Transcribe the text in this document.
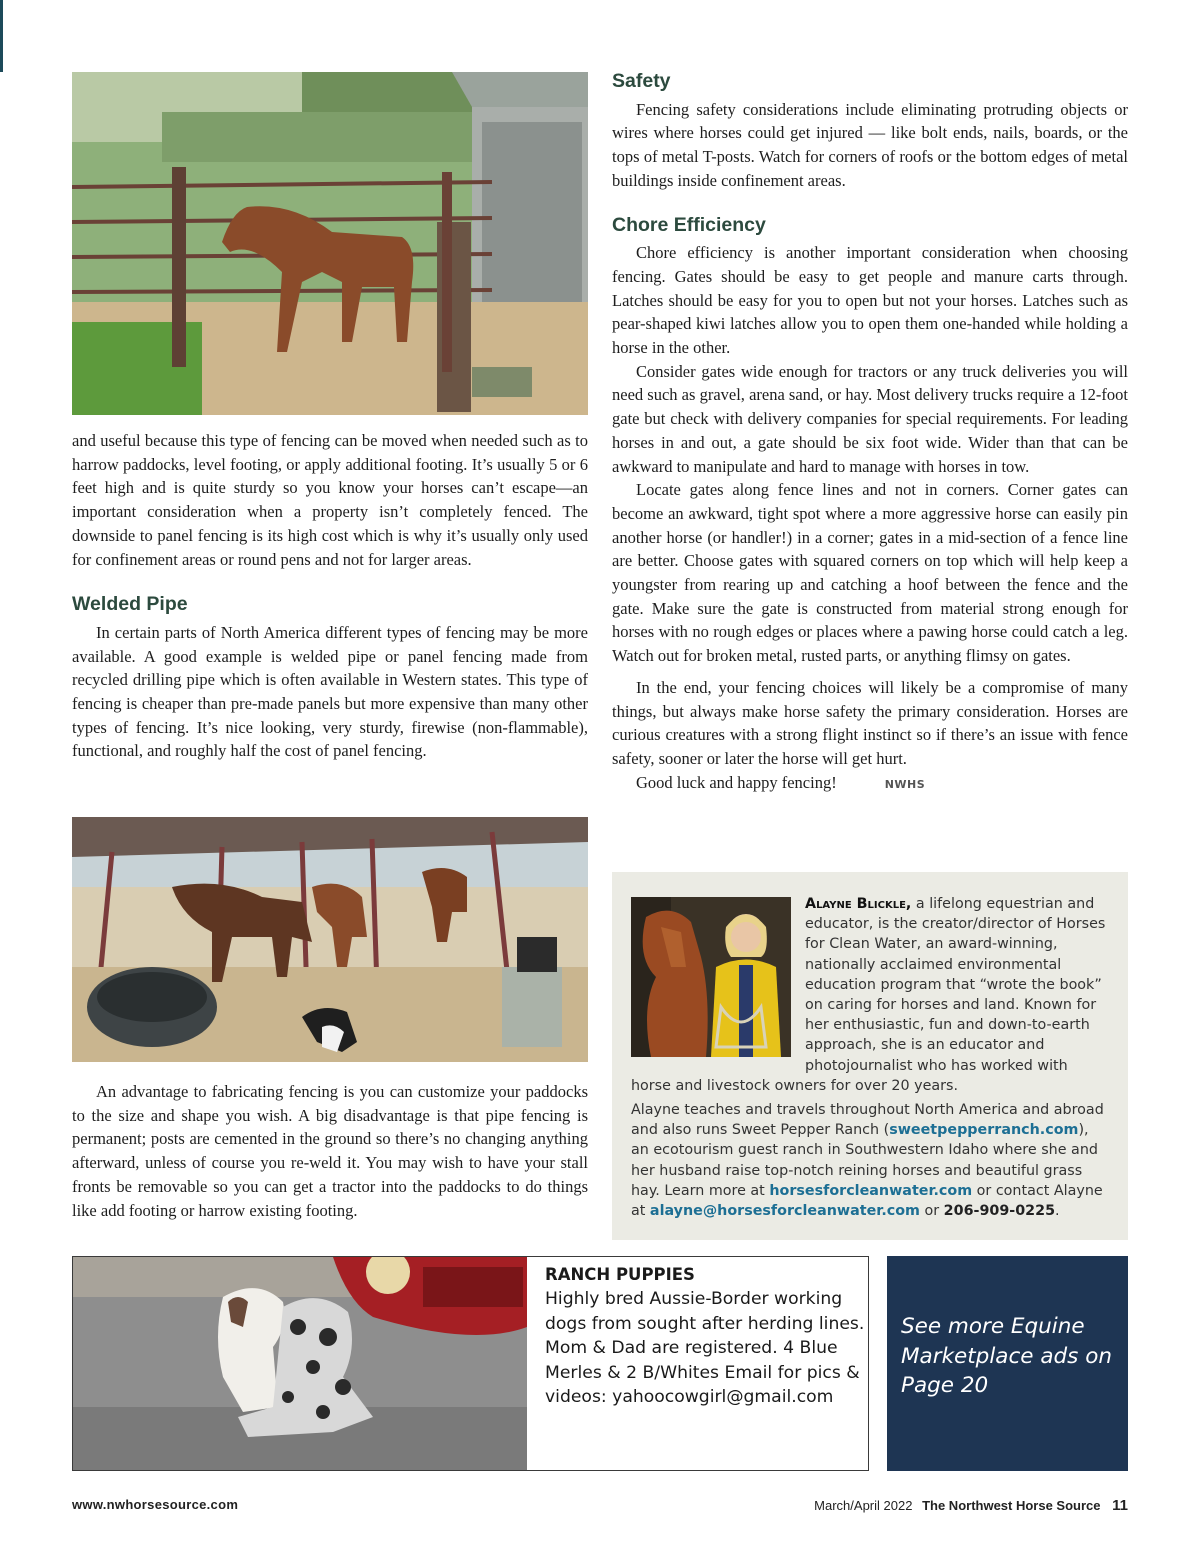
and useful because this type of fencing can be moved when needed such as to harrow paddocks, level footing, or apply additional footing. It’s usually 5 or 6 feet high and is quite sturdy so you know your horses can’t escape—an important consideration when a property isn’t completely fenced. The downside to panel fencing is its high cost which is why it’s usually only used for confinement areas or round pens and not for larger areas.

Welded Pipe

In certain parts of North America different types of fencing may be more available. A good example is welded pipe or panel fencing made from recycled drilling pipe which is often available in Western states. This type of fencing is cheaper than pre-made panels but more expensive than many other types of fencing. It’s nice looking, very sturdy, firewise (non-flammable), functional, and roughly half the cost of panel fencing.

An advantage to fabricating fencing is you can customize your paddocks to the size and shape you wish. A big disadvantage is that pipe fencing is permanent; posts are cemented in the ground so there’s no changing anything afterward, unless of course you re-weld it. You may wish to have your stall fronts be removable so you can get a tractor into the paddocks to do things like add footing or harrow existing footing.

Safety

Fencing safety considerations include eliminating protruding objects or wires where horses could get injured — like bolt ends, nails, boards, or the tops of metal T-posts. Watch for corners of roofs or the bottom edges of metal buildings inside confinement areas.

Chore Efficiency

Chore efficiency is another important consideration when choosing fencing. Gates should be easy to get people and manure carts through. Latches should be easy for you to open but not your horses. Latches such as pear-shaped kiwi latches allow you to open them one-handed while holding a horse in the other.

Consider gates wide enough for tractors or any truck deliveries you will need such as gravel, arena sand, or hay. Most delivery trucks require a 12-foot gate but check with delivery companies for special requirements. For leading horses in and out, a gate should be six foot wide. Wider than that can be awkward to manipulate and hard to manage with horses in tow.

Locate gates along fence lines and not in corners. Corner gates can become an awkward, tight spot where a more aggressive horse can easily pin another horse (or handler!) in a corner; gates in a mid-section of a fence line are better. Choose gates with squared corners on top which will help keep a youngster from rearing up and catching a hoof between the fence and the gate. Make sure the gate is constructed from material strong enough for horses with no rough edges or places where a pawing horse could catch a leg. Watch out for broken metal, rusted parts, or anything flimsy on gates.

In the end, your fencing choices will likely be a compromise of many things, but always make horse safety the primary consideration. Horses are curious creatures with a strong flight instinct so if there’s an issue with fence safety, sooner or later the horse will get hurt.

Good luck and happy fencing!	NWHS

Alayne Blickle, a lifelong equestrian and educator, is the creator/director of Horses for Clean Water, an award-winning, nationally acclaimed environmental education program that “wrote the book” on caring for horses and land. Known for her enthusiastic, fun and down-to-earth approach, she is an educator and photojournalist who has worked with horse and livestock owners for over 20 years.

Alayne teaches and travels throughout North America and abroad and also runs Sweet Pepper Ranch (sweetpepperranch.com), an ecotourism guest ranch in Southwestern Idaho where she and her husband raise top-notch reining horses and beautiful grass hay. Learn more at horsesforcleanwater.com or contact Alayne at alayne@horsesforcleanwater.com or 206-909-0225.

RANCH PUPPIES
Highly bred Aussie-Border working dogs from sought after herding lines. Mom & Dad are registered. 4 Blue Merles & 2 B/Whites Email for pics & videos: yahoocowgirl@gmail.com
See more Equine Marketplace ads on Page 20
www.nwhorsesource.com	March/April 2022 The Northwest Horse Source 11
